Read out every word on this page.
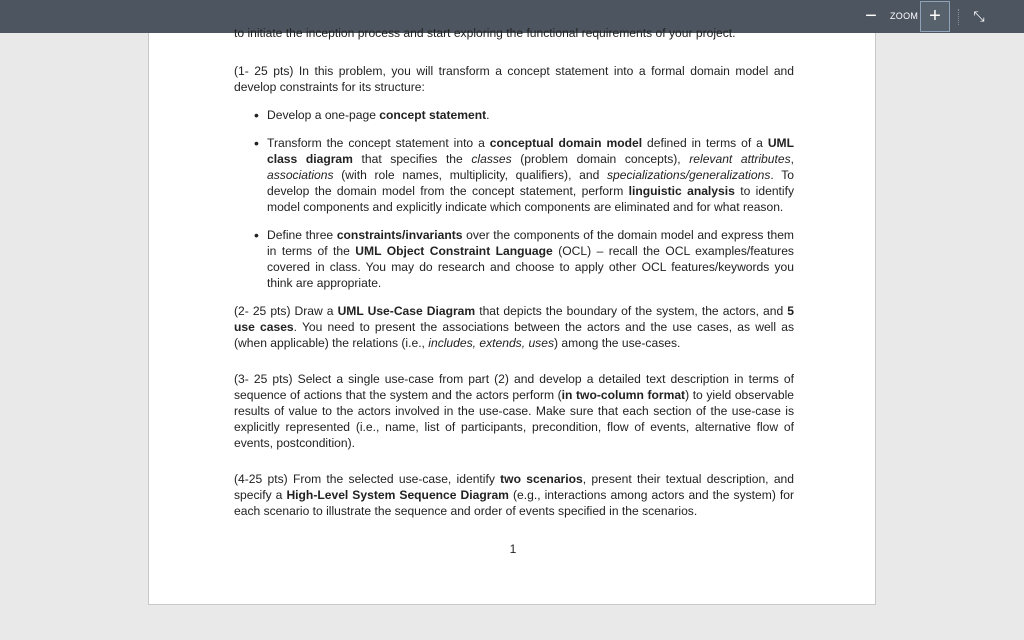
−	ZOOM +	⤡
to initiate the inception process and start exploring the functional requirements of your project.

(1- 25 pts) In this problem, you will transform a concept statement into a formal domain model and develop constraints for its structure:

• Develop a one-page concept statement.
• Transform the concept statement into a conceptual domain model defined in terms of a UML class diagram that specifies the classes (problem domain concepts), relevant attributes, associations (with role names, multiplicity, qualifiers), and specializations/generalizations. To develop the domain model from the concept statement, perform linguistic analysis to identify model components and explicitly indicate which components are eliminated and for what reason.
• Define three constraints/invariants over the components of the domain model and express them in terms of the UML Object Constraint Language (OCL) – recall the OCL examples/features covered in class. You may do research and choose to apply other OCL features/keywords you think are appropriate.

(2- 25 pts) Draw a UML Use-Case Diagram that depicts the boundary of the system, the actors, and 5 use cases. You need to present the associations between the actors and the use cases, as well as (when applicable) the relations (i.e., includes, extends, uses) among the use-cases.

(3- 25 pts) Select a single use-case from part (2) and develop a detailed text description in terms of sequence of actions that the system and the actors perform (in two-column format) to yield observable results of value to the actors involved in the use-case. Make sure that each section of the use-case is explicitly represented (i.e., name, list of participants, precondition, flow of events, alternative flow of events, postcondition).

(4-25 pts) From the selected use-case, identify two scenarios, present their textual description, and specify a High-Level System Sequence Diagram (e.g., interactions among actors and the system) for each scenario to illustrate the sequence and order of events specified in the scenarios.

1
